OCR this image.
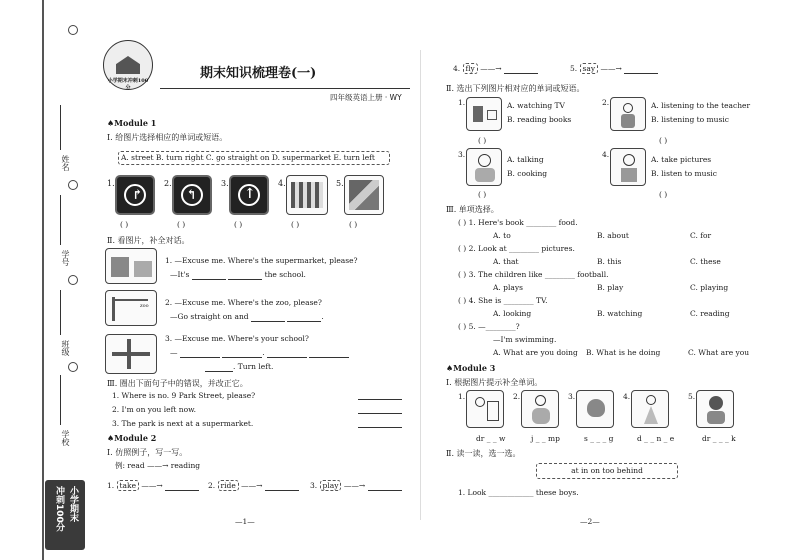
姓名
学号
班级
学校
小学期末
冲刺100分
小学期末冲刺100分
期末知识梳理卷(一)
四年级英语上册 · WY
♠Module 1
Ⅰ. 给图片选择相应的单词或短语。
A. street B. turn right C. go straight on D. supermarket E. turn left
1.
↱
2.
↰
3.
↑
4.	5.
( )	( )	( )	( )	( )
Ⅱ. 看图片，补全对话。
1. —Excuse me. Where's the supermarket, please?
—It's	the school.
zoo 2. —Excuse me. Where's the zoo, please?
—Go straight on and	.
3. —Excuse me. Where's your school?
—	.
. Turn left.
Ⅲ. 圈出下面句子中的错误，并改正它。
1. Where is no. 9 Park Street, please?
2. I'm on you left now.
3. The park is next at a supermarket.
♠Module 2
Ⅰ. 仿照例子，写一写。
例: read ——→ reading
1. take ——→	2. ride ——→	3. play ——→
—1—
4. fly ——→	5. say ——→
Ⅱ. 选出下列图片相对应的单词或短语。
1.	A. watching TV
B. reading books
( )
2.	A. listening to the teacher
B. listening to music
( )
3.
A. talking
B. cooking
( )
4.
A. take pictures
B. listen to music
( )
Ⅲ. 单项选择。
( ) 1. Here's book ________ food.
A. to	B. about	C. for
( ) 2. Look at ________ pictures.
A. that	B. this	C. these
( ) 3. The children like ________ football.
A. plays	B. play	C. playing
( ) 4. She is ________ TV.
A. looking	B. watching	C. reading
( ) 5. —________?
—I'm swimming.
A. What are you doing B. What is he doing	C. What are you
♠Module 3
Ⅰ. 根据图片提示补全单词。
1.
dr _ _ w
2.
j _ _ mp
3.
s _ _ _ g
4.
d _ _ n _ e
5.
dr _ _ _ k
Ⅱ. 读一读，选一选。
at in on too behind
1. Look ____________ these boys.
—2—
